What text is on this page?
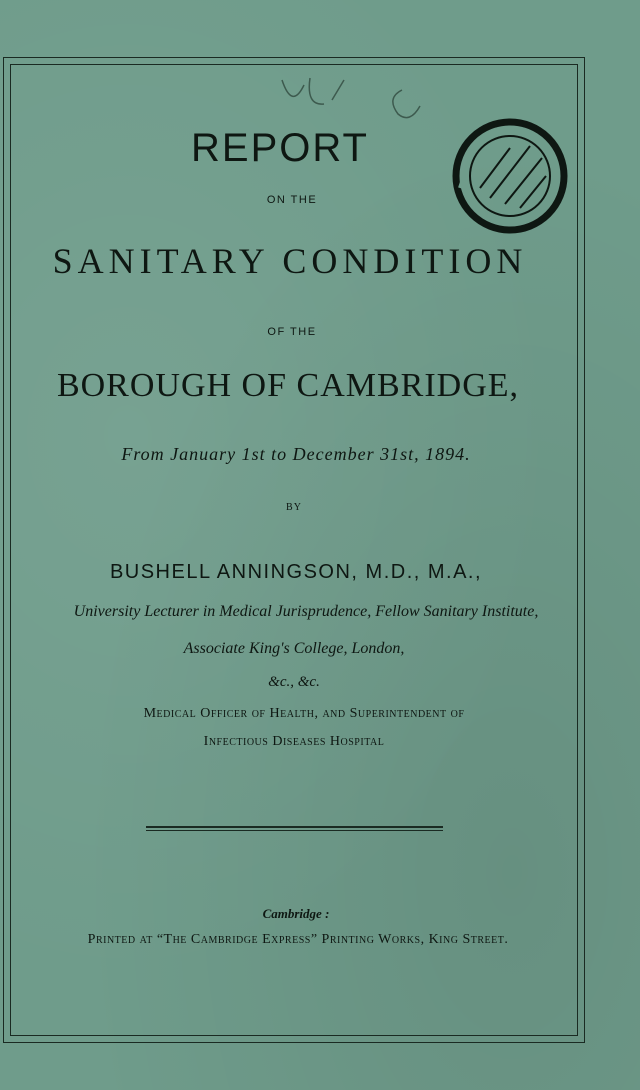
REPORT
ON THE
SANITARY CONDITION
OF THE
BOROUGH OF CAMBRIDGE,
From January 1st to December 31st, 1894.
BY
BUSHELL ANNINGSON, M.D., M.A.,
University Lecturer in Medical Jurisprudence, Fellow Sanitary Institute,
Associate King's College, London,
&c., &c.
Medical Officer of Health, and Superintendent of
Infectious Diseases Hospital
Cambridge :
Printed at “The Cambridge Express” Printing Works, King Street.
